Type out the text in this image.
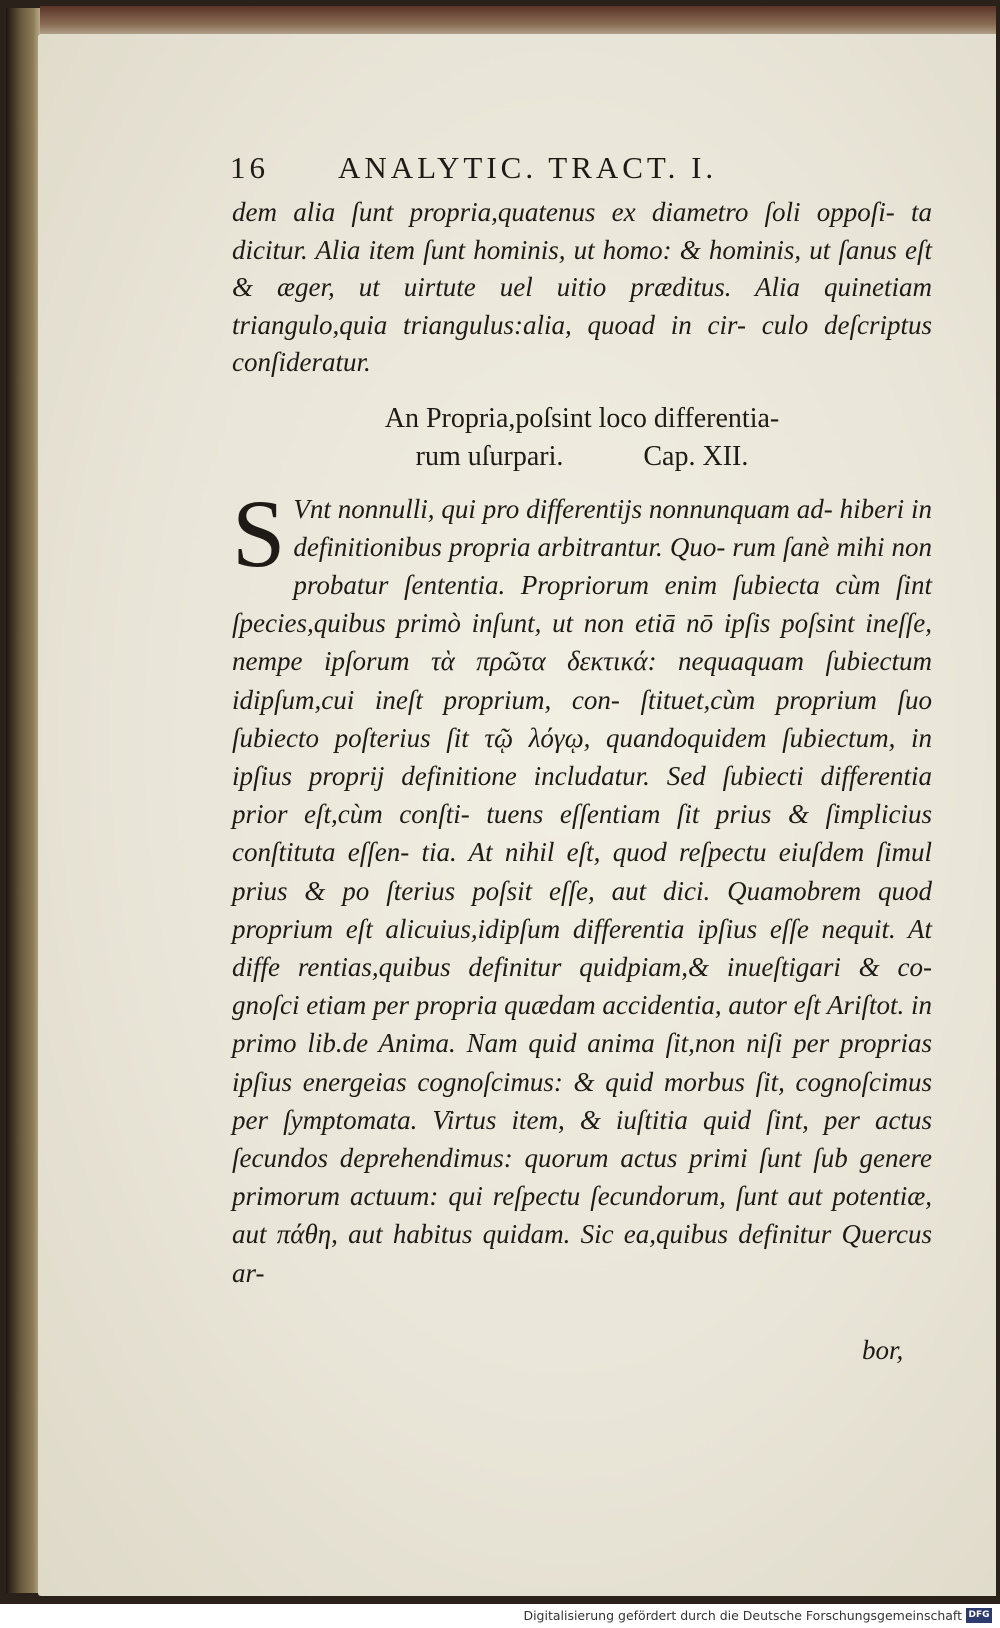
16 ANALYTIC. TRACT. I.

dem alia ſunt propria,quatenus ex diametro ſoli oppoſi- ta dicitur. Alia item ſunt hominis, ut homo: & hominis, ut ſanus eſt & æger, ut uirtute uel uitio præditus. Alia quinetiam triangulo,quia triangulus:alia, quoad in cir- culo deſcriptus conſideratur.

An Propria,poſsint loco differentia-
rum uſurpari.	Cap. XII.

S Vnt nonnulli, qui pro differentijs nonnunquam ad- hiberi in definitionibus propria arbitrantur. Quo- rum ſanè mihi non probatur ſententia. Propriorum enim ſubiecta cùm ſint ſpecies,quibus primò inſunt, ut non etiā nō ipſis poſsint ineſſe, nempe ipſorum τὰ πρῶτα δεκτικά: nequaquam ſubiectum idipſum,cui ineſt proprium, con- ſtituet,cùm proprium ſuo ſubiecto poſterius ſit τῷ λόγῳ, quandoquidem ſubiectum, in ipſius proprij definitione includatur. Sed ſubiecti differentia prior eſt,cùm conſti- tuens eſſentiam ſit prius & ſimplicius conſtituta eſſen- tia. At nihil eſt, quod reſpectu eiuſdem ſimul prius & po ſterius poſsit eſſe, aut dici. Quamobrem quod proprium eſt alicuius,idipſum differentia ipſius eſſe nequit. At diffe rentias,quibus definitur quidpiam,& inueſtigari & co- gnoſci etiam per propria quædam accidentia, autor eſt Ariſtot. in primo lib.de Anima. Nam quid anima ſit,non niſi per proprias ipſius energeias cognoſcimus: & quid morbus ſit, cognoſcimus per ſymptomata. Virtus item, & iuſtitia quid ſint, per actus ſecundos deprehendimus: quorum actus primi ſunt ſub genere primorum actuum: qui reſpectu ſecundorum, ſunt aut potentiæ, aut πάθη, aut habitus quidam. Sic ea,quibus definitur Quercus ar-

bor,
Digitalisierung gefördert durch die Deutsche Forschungsgemeinschaft DFG
